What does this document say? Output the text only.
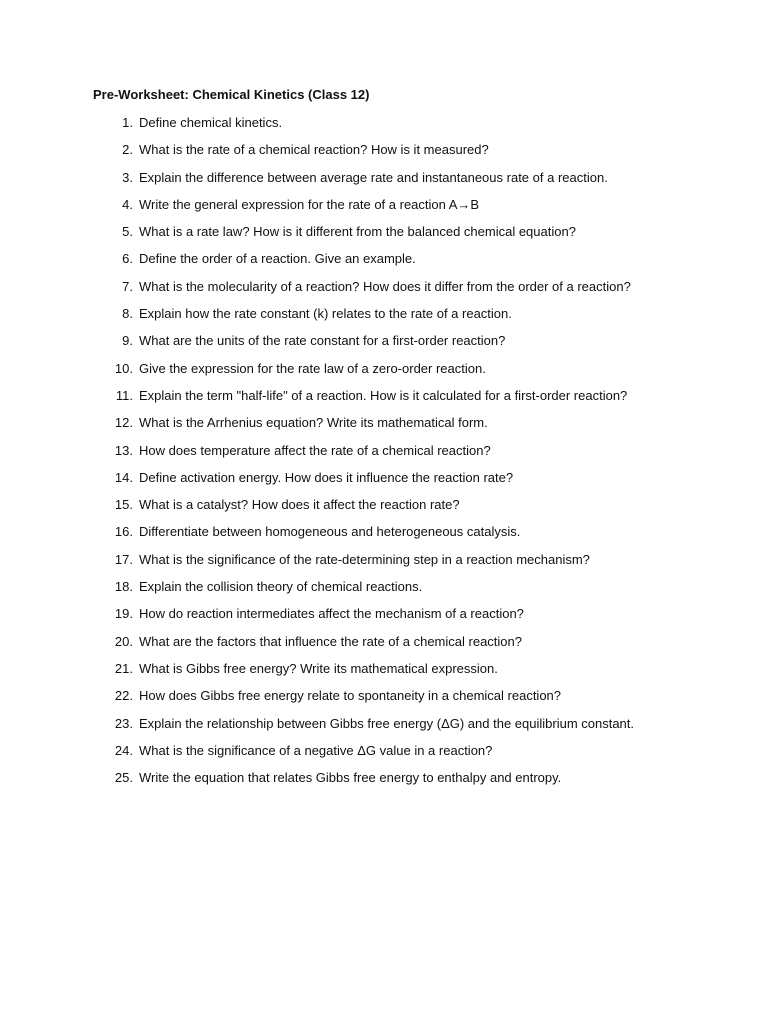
Pre-Worksheet: Chemical Kinetics (Class 12)
1. Define chemical kinetics.
2. What is the rate of a chemical reaction? How is it measured?
3. Explain the difference between average rate and instantaneous rate of a reaction.
4. Write the general expression for the rate of a reaction A→B
5. What is a rate law? How is it different from the balanced chemical equation?
6. Define the order of a reaction. Give an example.
7. What is the molecularity of a reaction? How does it differ from the order of a reaction?
8. Explain how the rate constant (k) relates to the rate of a reaction.
9. What are the units of the rate constant for a first-order reaction?
10. Give the expression for the rate law of a zero-order reaction.
11. Explain the term "half-life" of a reaction. How is it calculated for a first-order reaction?
12. What is the Arrhenius equation? Write its mathematical form.
13. How does temperature affect the rate of a chemical reaction?
14. Define activation energy. How does it influence the reaction rate?
15. What is a catalyst? How does it affect the reaction rate?
16. Differentiate between homogeneous and heterogeneous catalysis.
17. What is the significance of the rate-determining step in a reaction mechanism?
18. Explain the collision theory of chemical reactions.
19. How do reaction intermediates affect the mechanism of a reaction?
20. What are the factors that influence the rate of a chemical reaction?
21. What is Gibbs free energy? Write its mathematical expression.
22. How does Gibbs free energy relate to spontaneity in a chemical reaction?
23. Explain the relationship between Gibbs free energy (ΔG) and the equilibrium constant.
24. What is the significance of a negative ΔG value in a reaction?
25. Write the equation that relates Gibbs free energy to enthalpy and entropy.
